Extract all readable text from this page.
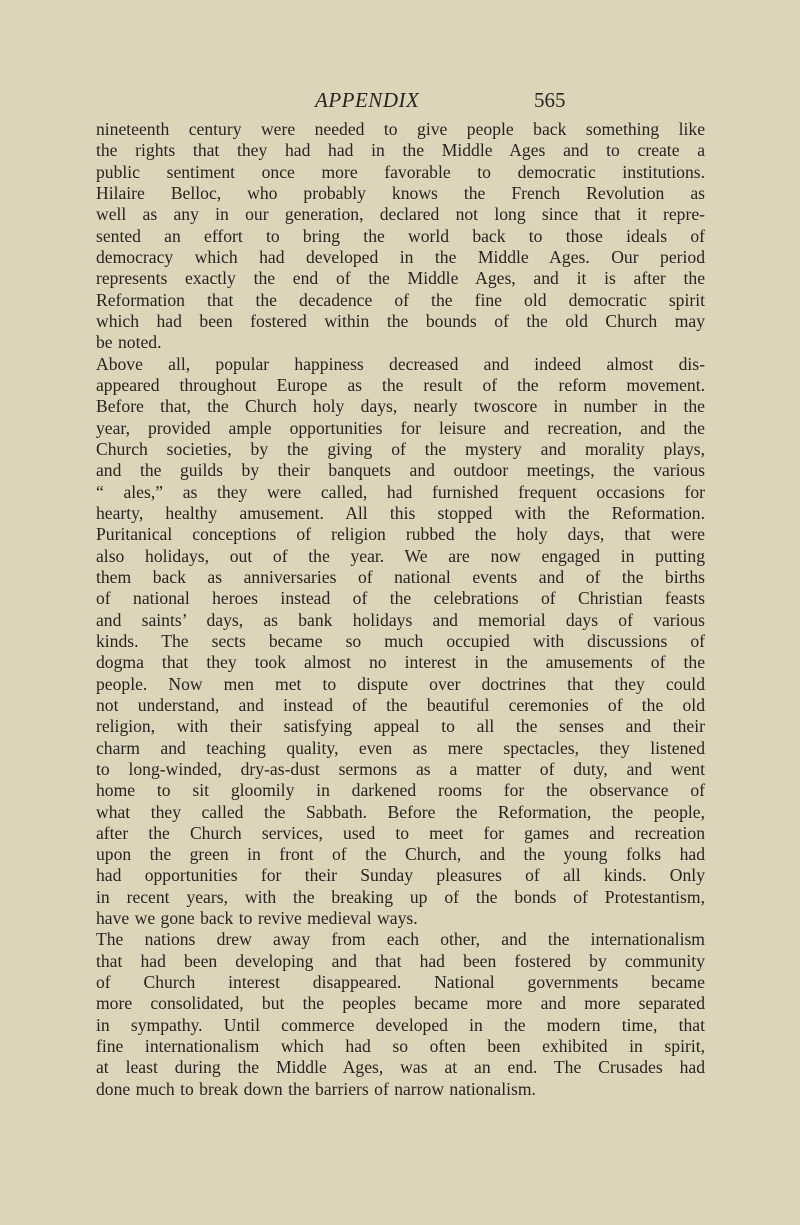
APPENDIX	565
nineteenth century were needed to give people back something like
the rights that they had had in the Middle Ages and to create a
public sentiment once more favorable to democratic institutions.
Hilaire Belloc, who probably knows the French Revolution as
well as any in our generation, declared not long since that it repre-
sented an effort to bring the world back to those ideals of
democracy which had developed in the Middle Ages. Our period
represents exactly the end of the Middle Ages, and it is after the
Reformation that the decadence of the fine old democratic spirit
which had been fostered within the bounds of the old Church may
be noted.
Above all, popular happiness decreased and indeed almost dis-
appeared throughout Europe as the result of the reform movement.
Before that, the Church holy days, nearly twoscore in number in the
year, provided ample opportunities for leisure and recreation, and the
Church societies, by the giving of the mystery and morality plays,
and the guilds by their banquets and outdoor meetings, the various
“ ales,” as they were called, had furnished frequent occasions for
hearty, healthy amusement. All this stopped with the Reformation.
Puritanical conceptions of religion rubbed the holy days, that were
also holidays, out of the year. We are now engaged in putting
them back as anniversaries of national events and of the births
of national heroes instead of the celebrations of Christian feasts
and saints’ days, as bank holidays and memorial days of various
kinds. The sects became so much occupied with discussions of
dogma that they took almost no interest in the amusements of the
people. Now men met to dispute over doctrines that they could
not understand, and instead of the beautiful ceremonies of the old
religion, with their satisfying appeal to all the senses and their
charm and teaching quality, even as mere spectacles, they listened
to long-winded, dry-as-dust sermons as a matter of duty, and went
home to sit gloomily in darkened rooms for the observance of
what they called the Sabbath. Before the Reformation, the people,
after the Church services, used to meet for games and recreation
upon the green in front of the Church, and the young folks had
had opportunities for their Sunday pleasures of all kinds. Only
in recent years, with the breaking up of the bonds of Protestantism,
have we gone back to revive medieval ways.
The nations drew away from each other, and the internationalism
that had been developing and that had been fostered by community
of Church interest disappeared. National governments became
more consolidated, but the peoples became more and more separated
in sympathy. Until commerce developed in the modern time, that
fine internationalism which had so often been exhibited in spirit,
at least during the Middle Ages, was at an end. The Crusades had
done much to break down the barriers of narrow nationalism.
